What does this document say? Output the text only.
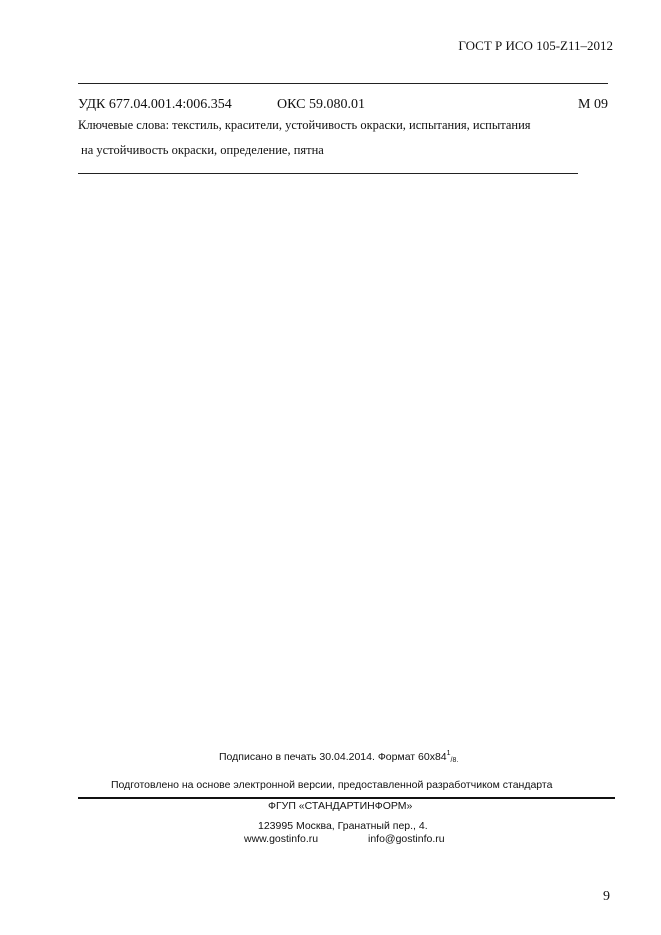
ГОСТ Р ИСО 105-Z11–2012
УДК 677.04.001.4:006.354	ОКС 59.080.01	М 09
Ключевые слова: текстиль, красители, устойчивость окраски, испытания, испытания
на устойчивость окраски, определение, пятна
Подписано в печать 30.04.2014. Формат $60x84^1_{/8.}$
Подготовлено на основе электронной версии, предоставленной разработчиком стандарта
ФГУП «СТАНДАРТИНФОРМ»
123995 Москва, Гранатный пер., 4.
www.gostinfo.ru	info@gostinfo.ru
9
